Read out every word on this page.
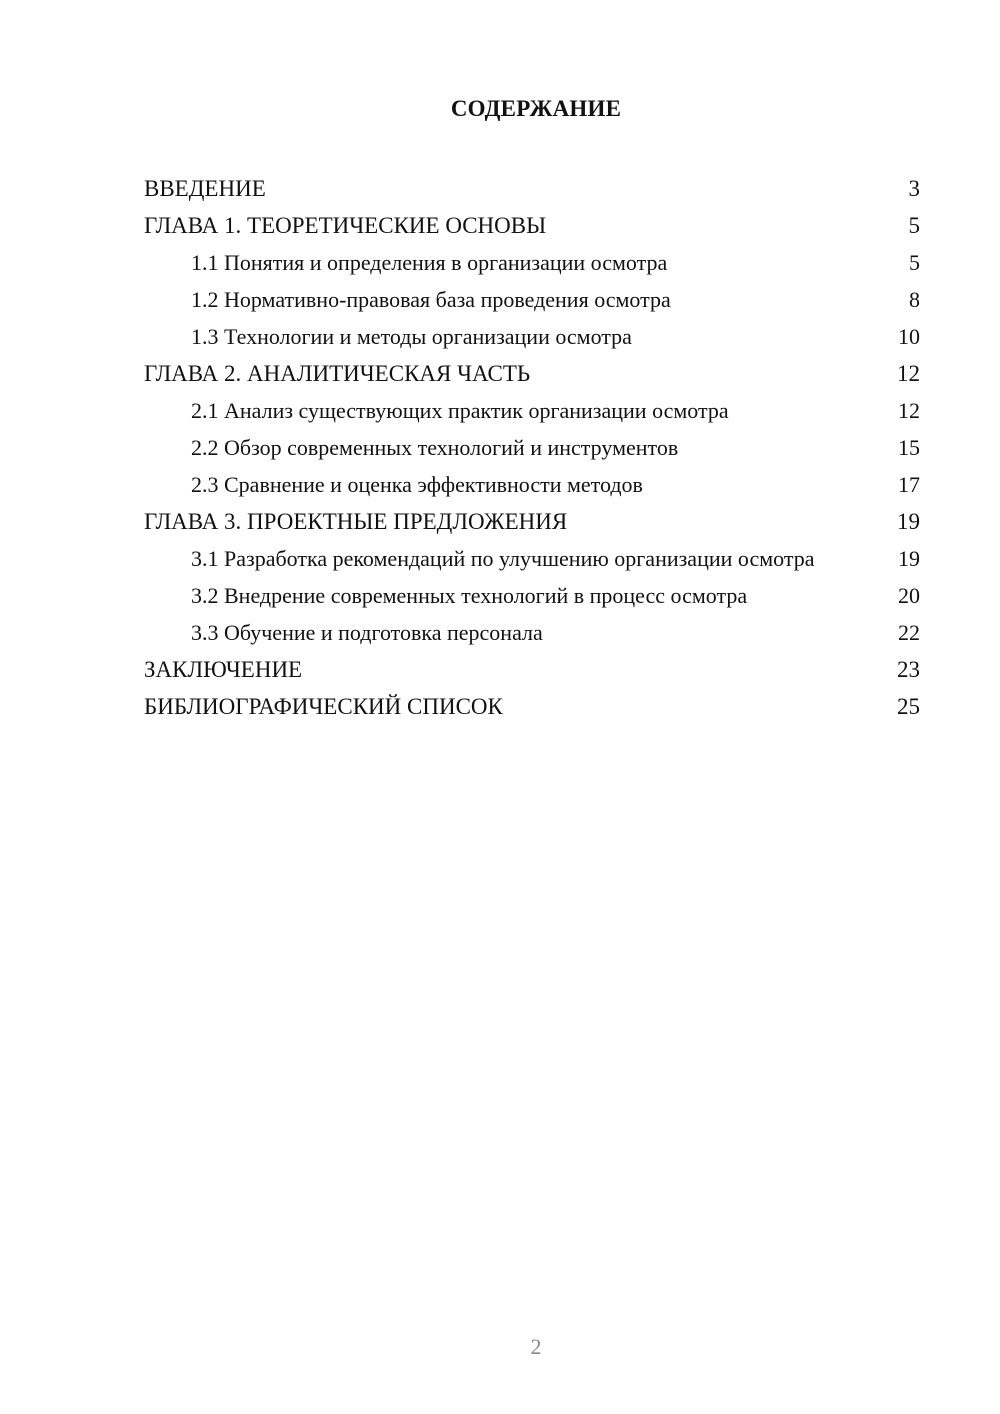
СОДЕРЖАНИЕ
ВВЕДЕНИЕ	3
ГЛАВА 1. ТЕОРЕТИЧЕСКИЕ ОСНОВЫ	5
1.1 Понятия и определения в организации осмотра	5
1.2 Нормативно-правовая база проведения осмотра	8
1.3 Технологии и методы организации осмотра	10
ГЛАВА 2. АНАЛИТИЧЕСКАЯ ЧАСТЬ	12
2.1 Анализ существующих практик организации осмотра	12
2.2 Обзор современных технологий и инструментов	15
2.3 Сравнение и оценка эффективности методов	17
ГЛАВА 3. ПРОЕКТНЫЕ ПРЕДЛОЖЕНИЯ	19
3.1 Разработка рекомендаций по улучшению организации осмотра	19
3.2 Внедрение современных технологий в процесс осмотра	20
3.3 Обучение и подготовка персонала	22
ЗАКЛЮЧЕНИЕ	23
БИБЛИОГРАФИЧЕСКИЙ СПИСОК	25
2
